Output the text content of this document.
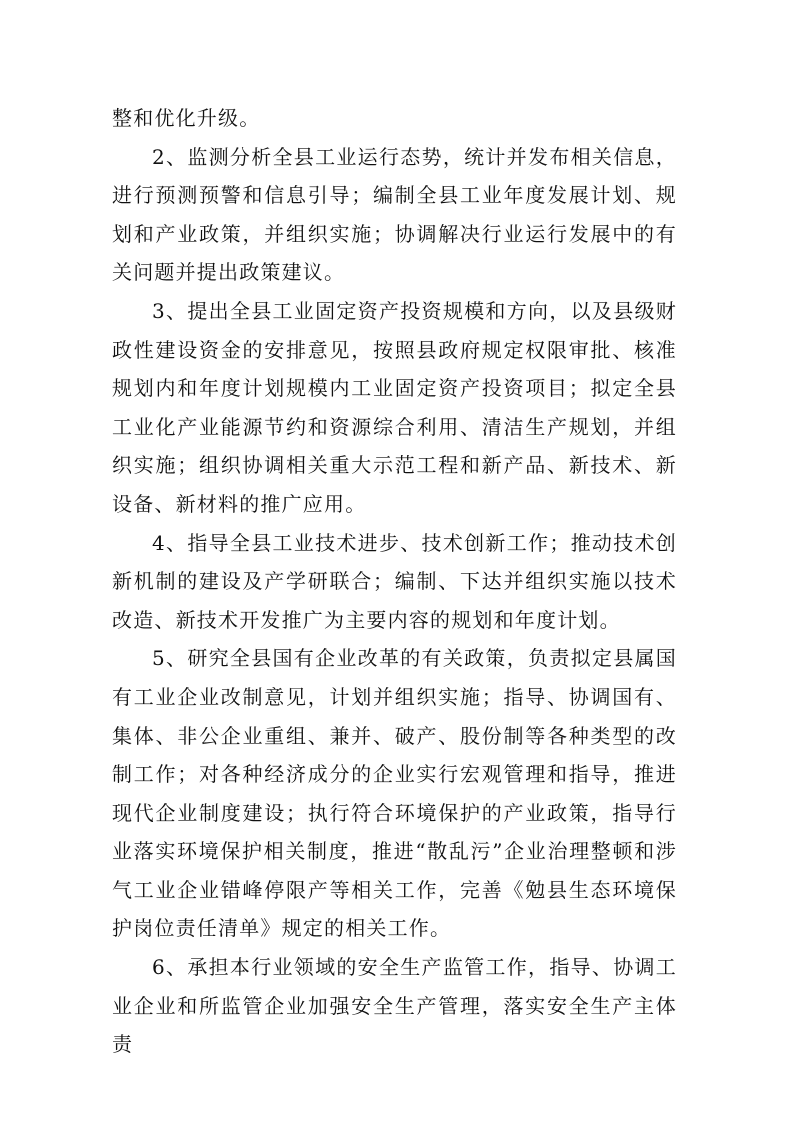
整和优化升级。

2、监测分析全县工业运行态势，统计并发布相关信息，进行预测预警和信息引导；编制全县工业年度发展计划、规划和产业政策，并组织实施；协调解决行业运行发展中的有关问题并提出政策建议。

3、提出全县工业固定资产投资规模和方向，以及县级财政性建设资金的安排意见，按照县政府规定权限审批、核准规划内和年度计划规模内工业固定资产投资项目；拟定全县工业化产业能源节约和资源综合利用、清洁生产规划，并组织实施；组织协调相关重大示范工程和新产品、新技术、新设备、新材料的推广应用。

4、指导全县工业技术进步、技术创新工作；推动技术创新机制的建设及产学研联合；编制、下达并组织实施以技术改造、新技术开发推广为主要内容的规划和年度计划。

5、研究全县国有企业改革的有关政策，负责拟定县属国有工业企业改制意见，计划并组织实施；指导、协调国有、集体、非公企业重组、兼并、破产、股份制等各种类型的改制工作；对各种经济成分的企业实行宏观管理和指导，推进现代企业制度建设；执行符合环境保护的产业政策，指导行业落实环境保护相关制度，推进“散乱污”企业治理整顿和涉气工业企业错峰停限产等相关工作，完善《勉县生态环境保护岗位责任清单》规定的相关工作。

6、承担本行业领域的安全生产监管工作，指导、协调工业企业和所监管企业加强安全生产管理，落实安全生产主体责
